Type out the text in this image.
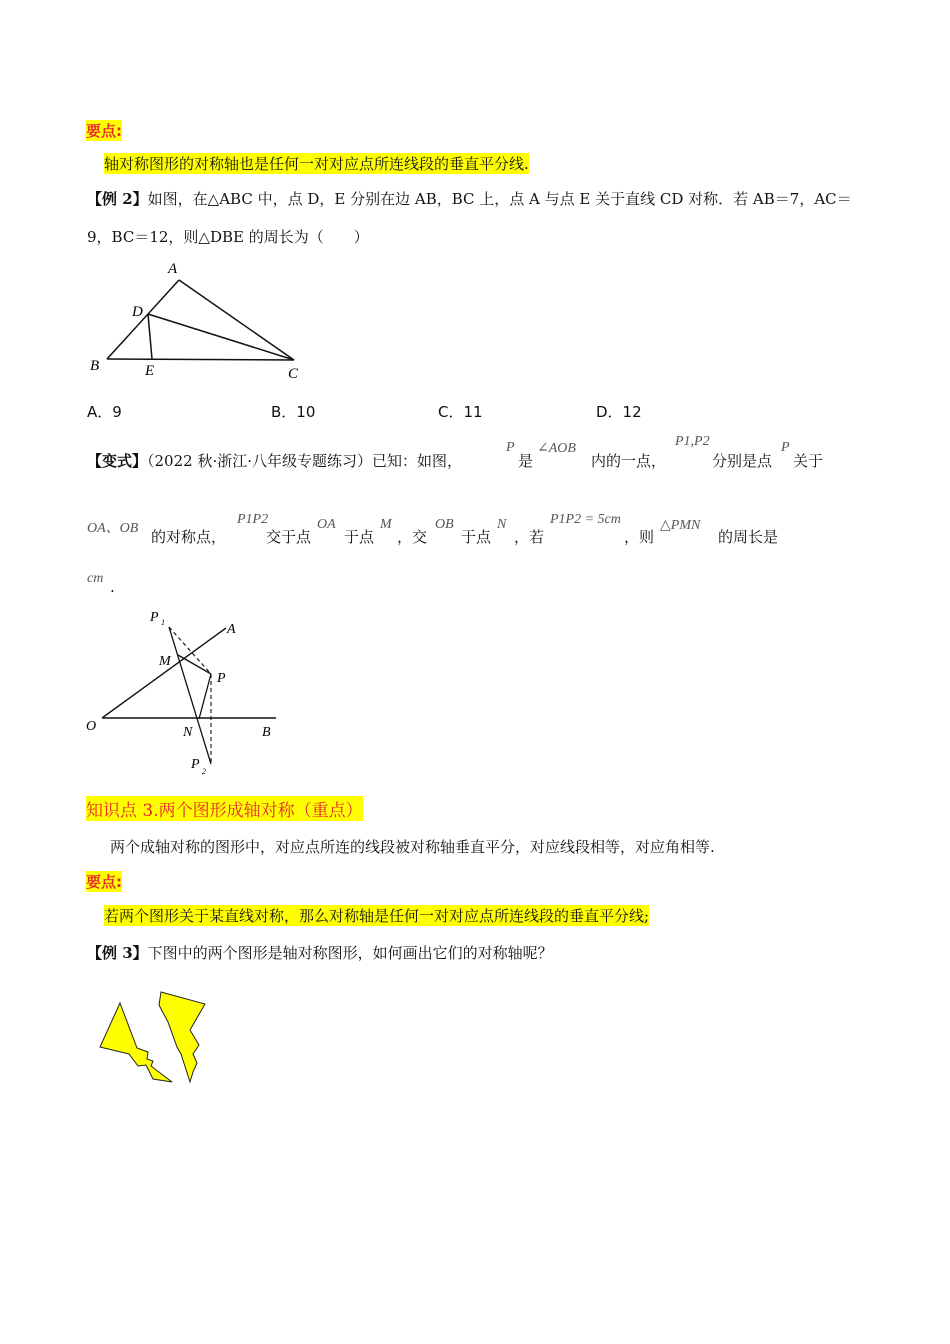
要点:
轴对称图形的对称轴也是任何一对对应点所连线段的垂直平分线.
【例 2】如图，在△ABC 中，点 D，E 分别在边 AB，BC 上，点 A 与点 E 关于直线 CD 对称．若 AB＝7，AC＝
9，BC＝12，则△DBE 的周长为（　　）
A
D
B	E	C
A．9	B．10	C．11	D．12
【变式】（2022 秋·浙江·八年级专题练习）已知：如图，
P
是
∠AOB
内的一点，
P1,P2
分别是点
P
关于
OA、OB 的对称点，
P1P2
交于点
OA
于点
M
，交
OB
于点
N
，若
P1P2 = 5cm
，则
△PMN
的周长是
cm .
P 1	A
M
P
O	N	B
P 2
知识点 3.两个图形成轴对称（重点）
两个成轴对称的图形中，对应点所连的线段被对称轴垂直平分，对应线段相等，对应角相等.
要点:
若两个图形关于某直线对称，那么对称轴是任何一对对应点所连线段的垂直平分线;
【例 3】下图中的两个图形是轴对称图形，如何画出它们的对称轴呢？
